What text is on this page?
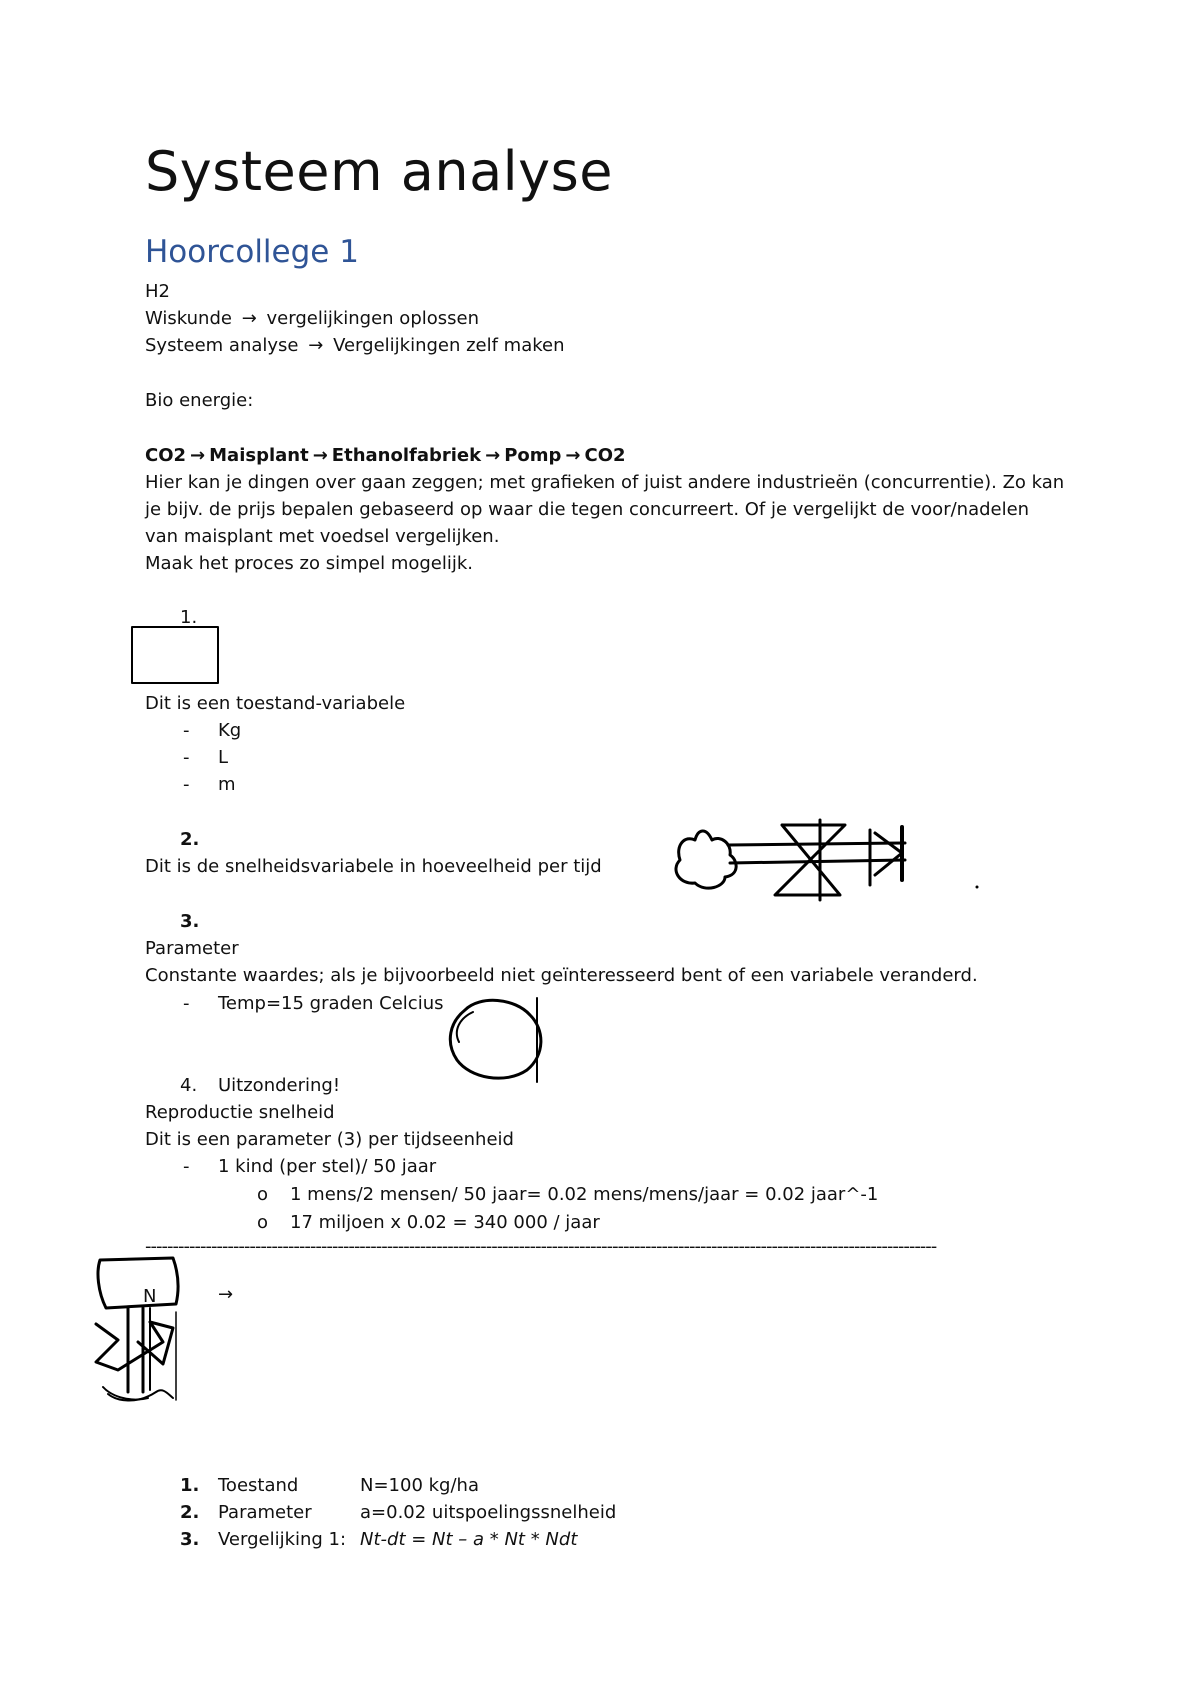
Systeem analyse
Hoorcollege 1
H2
Wiskunde → vergelijkingen oplossen
Systeem analyse → Vergelijkingen zelf maken
Bio energie:
CO2 → Maisplant → Ethanolfabriek → Pomp → CO2
Hier kan je dingen over gaan zeggen; met grafieken of juist andere industrieën (concurrentie). Zo kan
je bijv. de prijs bepalen gebaseerd op waar die tegen concurreert. Of je vergelijkt de voor/nadelen
van maisplant met voedsel vergelijken.
Maak het proces zo simpel mogelijk.
1.
Dit is een toestand-variabele
- Kg
- L
- m
2.
Dit is de snelheidsvariabele in hoeveelheid per tijd
3.
Parameter
Constante waardes; als je bijvoorbeeld niet geïnteresseerd bent of een variabele veranderd.
- Temp=15 graden Celcius
4. Uitzondering!
Reproductie snelheid
Dit is een parameter (3) per tijdseenheid
- 1 kind (per stel)/ 50 jaar
o 1 mens/2 mensen/ 50 jaar= 0.02 mens/mens/jaar = 0.02 jaar^-1
o 17 miljoen x 0.02 = 340 000 / jaar
------------------------------------------------------------------------------------------------------------------------------------------------
N	→
1. Toestand	N=100 kg/ha
2. Parameter	a=0.02 uitspoelingssnelheid
3. Vergelijking 1: Nt-dt = Nt – a * Nt * Ndt
